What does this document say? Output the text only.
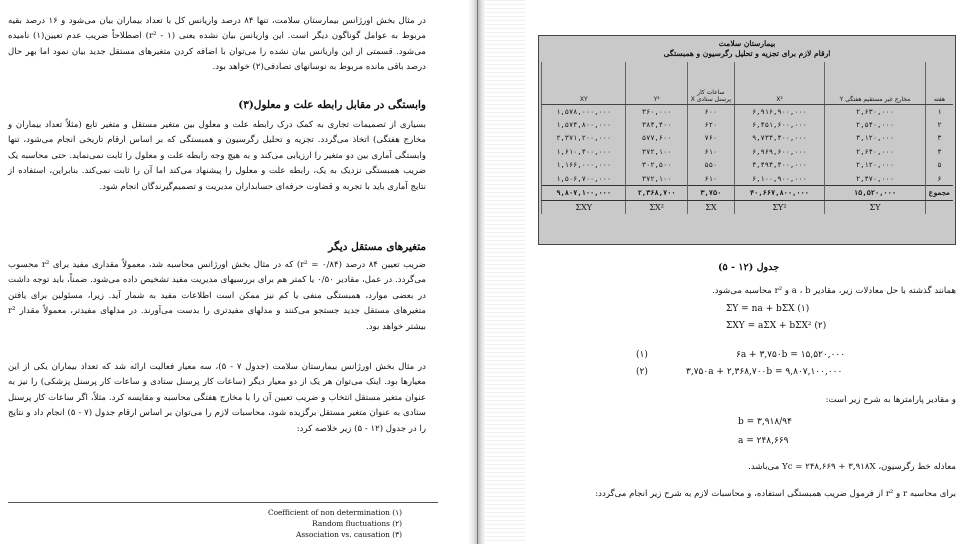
در مثال بخش اورژانس بیمارستان سلامت، تنها ۸۴ درصد واریانس کل با تعداد بیماران بیان می‌شود و ۱۶ درصد بقیه مربوط به عوامل گوناگون دیگر است. این واریانس بیان نشده یعنی (r² - ۱) اصطلاحاً ضریب عدم تعیین(۱) نامیده می‌شود. قسمتی از این واریانس بیان نشده را می‌توان با اضافه کردن متغیرهای مستقل جدید بیان نمود اما بهر حال درصد باقی مانده مربوط به نوسانهای تصادفی(۲) خواهد بود.

وابستگی در مقابل رابطه علت و معلول(۳)

بسیاری از تصمیمات تجاری به کمک درک رابطه علت و معلول بین متغیر مستقل و متغیر تابع (مثلاً تعداد بیماران و مخارج هفتگی) اتخاذ می‌گردد. تجزیه و تحلیل رگرسیون و همبستگی که بر اساس ارقام تاریخی انجام می‌شود، تنها وابستگی آماری بین دو متغیر را ارزیابی می‌کند و به هیچ وجه رابطه علت و معلول را ثابت نمی‌نماید. حتی محاسبه یک ضریب همبستگی نزدیک به یک، رابطه علت و معلول را پیشنهاد می‌کند اما آن را ثابت نمی‌کند. بنابراین، استفاده از نتایج آماری باید با تجربه و قضاوت حرفه‌ای حسابداران مدیریت و تصمیم‌گیرندگان انجام شود.

متغیرهای مستقل دیگر

ضریب تعیین ۸۴ درصد (r² = ۰/۸۴) که در مثال بخش اورژانس محاسبه شد، معمولاً مقداری مفید برای r² محسوب می‌گردد. در عمل، مقادیر ۰/۵۰ یا کمتر هم برای بررسیهای مدیریت مفید تشخیص داده می‌شود. ضمناً، باید توجه داشت در بعضی موارد، همبستگی منفی یا کم نیز ممکن است اطلاعات مفید به شمار آید. زیرا، مسئولین برای یافتن متغیرهای مستقل جدید جستجو می‌کنند و مدلهای مفیدتری را بدست می‌آورند. در مدلهای مفیدتر، معمولاً مقدار r² بیشتر خواهد بود.

در مثال بخش اورژانس بیمارستان سلامت (جدول ۷ - ۵)، سه معیار فعالیت ارائه شد که تعداد بیماران یکی از این معیارها بود. اینک می‌توان هر یک از دو معیار دیگر (ساعات کار پرسنل ستادی و ساعات کار پرسنل پزشکی) را نیز به عنوان متغیر مستقل انتخاب و ضریب تعیین آن را با مخارج هفتگی محاسبه و مقایسه کرد. مثلاً، اگر ساعات کار پرسنل ستادی به عنوان متغیر مستقل برگزیده شود، محاسبات لازم را می‌توان بر اساس ارقام جدول (۷ - ۵) انجام داد و نتایج را در جدول (۱۲ - ۵) زیر خلاصه کرد:

Coefficient of non determination (۱)

Random fluctuations (۲)

Association vs. causation (۳)

بیمارستان سلامت
ارقام لازم برای تجزیه و تحلیل رگرسیون و همبستگی
هفته	مخارج غیر مستقیم هفتگی Y	X²	ساعات کار پرسنل ستادی X	Y²	XY
۱	۲,۶۳۰,۰۰۰	۶,۹۱۶,۹۰۰,۰۰۰	۶۰۰	۳۶۰,۰۰۰	۱,۵۷۸,۰۰۰,۰۰۰
۲	۲,۵۴۰,۰۰۰	۶,۴۵۱,۶۰۰,۰۰۰	۶۲۰	۳۸۴,۴۰۰	۱,۵۷۴,۸۰۰,۰۰۰
۳	۳,۱۲۰,۰۰۰	۹,۷۳۴,۴۰۰,۰۰۰	۷۶۰	۵۷۷,۶۰۰	۲,۳۷۱,۲۰۰,۰۰۰
۴	۲,۶۴۰,۰۰۰	۶,۹۶۹,۶۰۰,۰۰۰	۶۱۰	۳۷۲,۱۰۰	۱,۶۱۰,۴۰۰,۰۰۰
۵	۲,۱۲۰,۰۰۰	۴,۴۹۴,۴۰۰,۰۰۰	۵۵۰	۳۰۲,۵۰۰	۱,۱۶۶,۰۰۰,۰۰۰
۶	۲,۴۷۰,۰۰۰	۶,۱۰۰,۹۰۰,۰۰۰	۶۱۰	۳۷۲,۱۰۰	۱,۵۰۶,۷۰۰,۰۰۰
مجموع	۱۵,۵۲۰,۰۰۰	۴۰,۶۶۷,۸۰۰,۰۰۰	۳,۷۵۰	۲,۳۶۸,۷۰۰	۹,۸۰۷,۱۰۰,۰۰۰
	ΣY	ΣY²	ΣX	ΣX²	ΣXY
جدول (۱۲ - ۵)

همانند گذشته با حل معادلات زیر، مقادیر a ، b و r² محاسبه می‌شود.

(۱) ΣY = na + bΣX
(۲) ΣXY = aΣX + bΣX²
۱۵,۵۲۰,۰۰۰ = ۶a + ۳,۷۵۰b
(۱)
۹,۸۰۷,۱۰۰,۰۰۰ = ۳,۷۵۰a + ۲,۳۶۸,۷۰۰b
(۲)

و مقادیر پارامترها به شرح زیر است:

b = ۳,۹۱۸/۹۴
a = ۲۴۸,۶۶۹

معادله خط رگرسیون، Yc = ۲۴۸,۶۶۹ + ۳,۹۱۸X می‌باشد.

برای محاسبه r و r² از فرمول ضریب همبستگی استفاده، و محاسبات لازم به شرح زیر انجام می‌گردد:
